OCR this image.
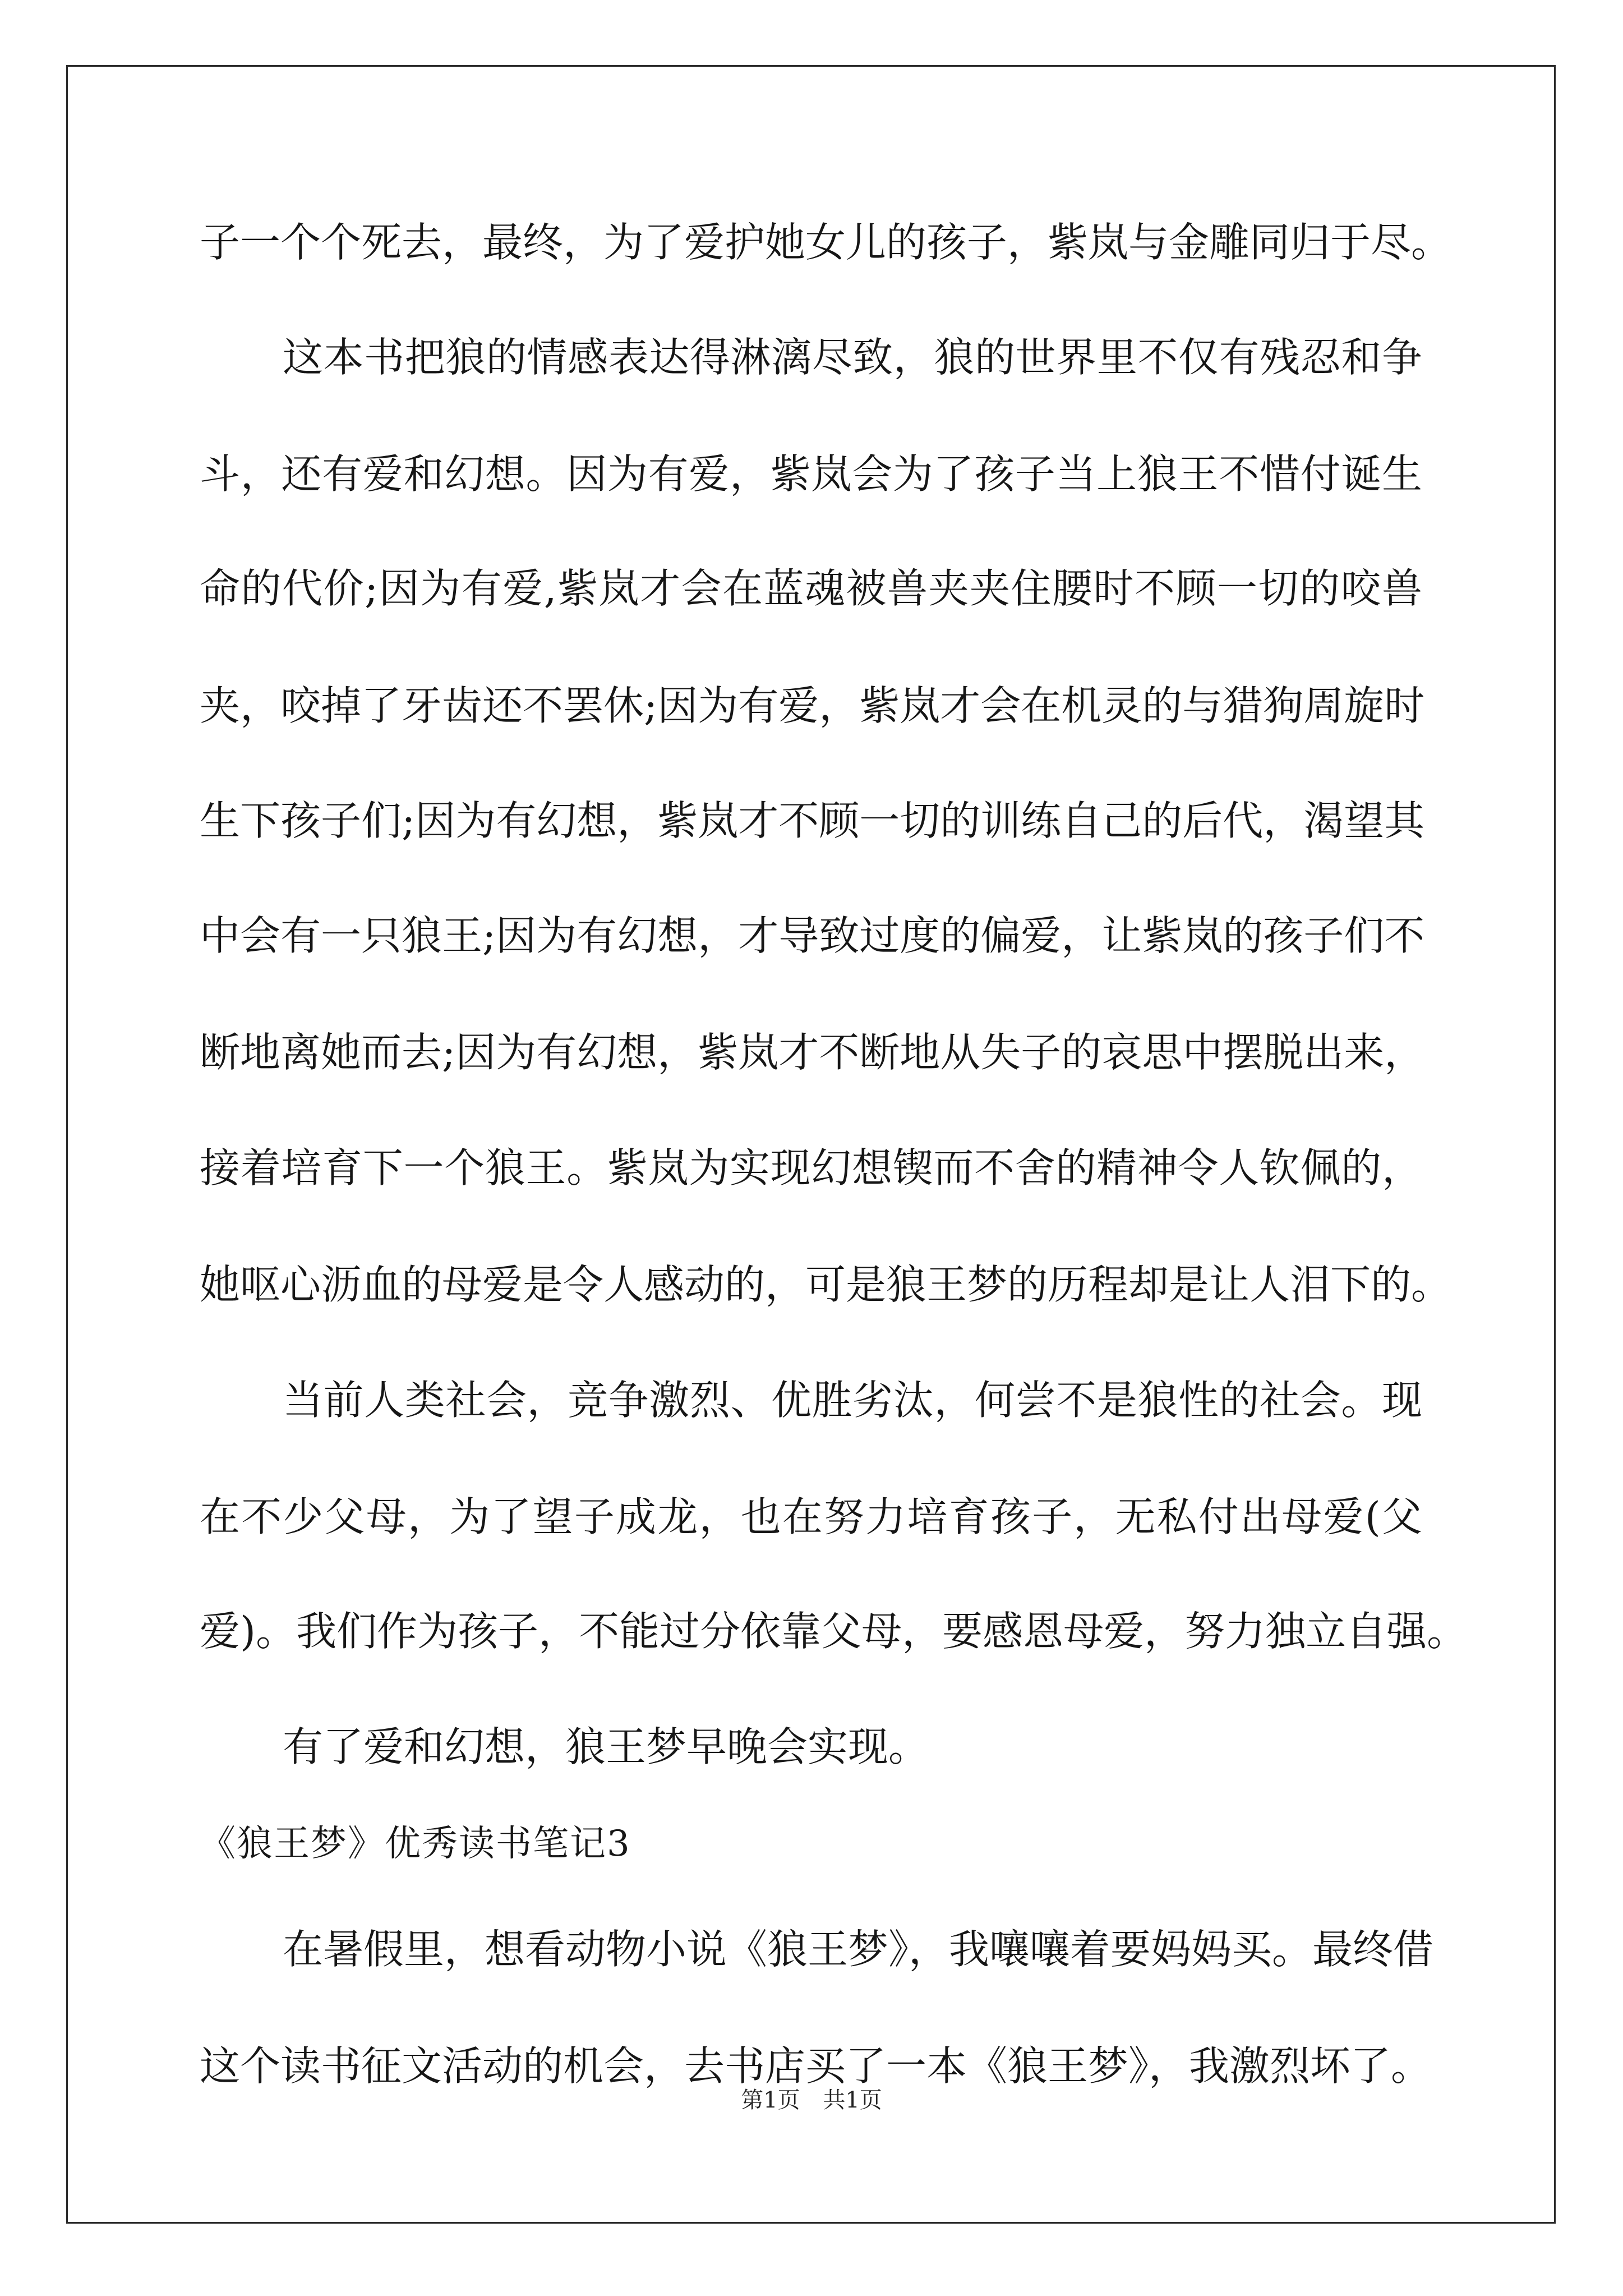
子一个个死去，最终，为了爱护她女儿的孩子，紫岚与金雕同归于尽。
这本书把狼的情感表达得淋漓尽致，狼的世界里不仅有残忍和争
斗，还有爱和幻想。因为有爱，紫岚会为了孩子当上狼王不惜付诞生
命的代价;因为有爱,紫岚才会在蓝魂被兽夹夹住腰时不顾一切的咬兽
夹，咬掉了牙齿还不罢休;因为有爱，紫岚才会在机灵的与猎狗周旋时
生下孩子们;因为有幻想，紫岚才不顾一切的训练自己的后代，渴望其
中会有一只狼王;因为有幻想，才导致过度的偏爱，让紫岚的孩子们不
断地离她而去;因为有幻想，紫岚才不断地从失子的哀思中摆脱出来，
接着培育下一个狼王。紫岚为实现幻想锲而不舍的精神令人钦佩的，
她呕心沥血的母爱是令人感动的，可是狼王梦的历程却是让人泪下的。
当前人类社会，竞争激烈、优胜劣汰，何尝不是狼性的社会。现
在不少父母，为了望子成龙，也在努力培育孩子，无私付出母爱(父
爱)。我们作为孩子，不能过分依靠父母，要感恩母爱，努力独立自强。
有了爱和幻想，狼王梦早晚会实现。
《狼王梦》优秀读书笔记3
在暑假里，想看动物小说《狼王梦》，我嚷嚷着要妈妈买。最终借
这个读书征文活动的机会，去书店买了一本《狼王梦》，我激烈坏了。
第1页 共1页
